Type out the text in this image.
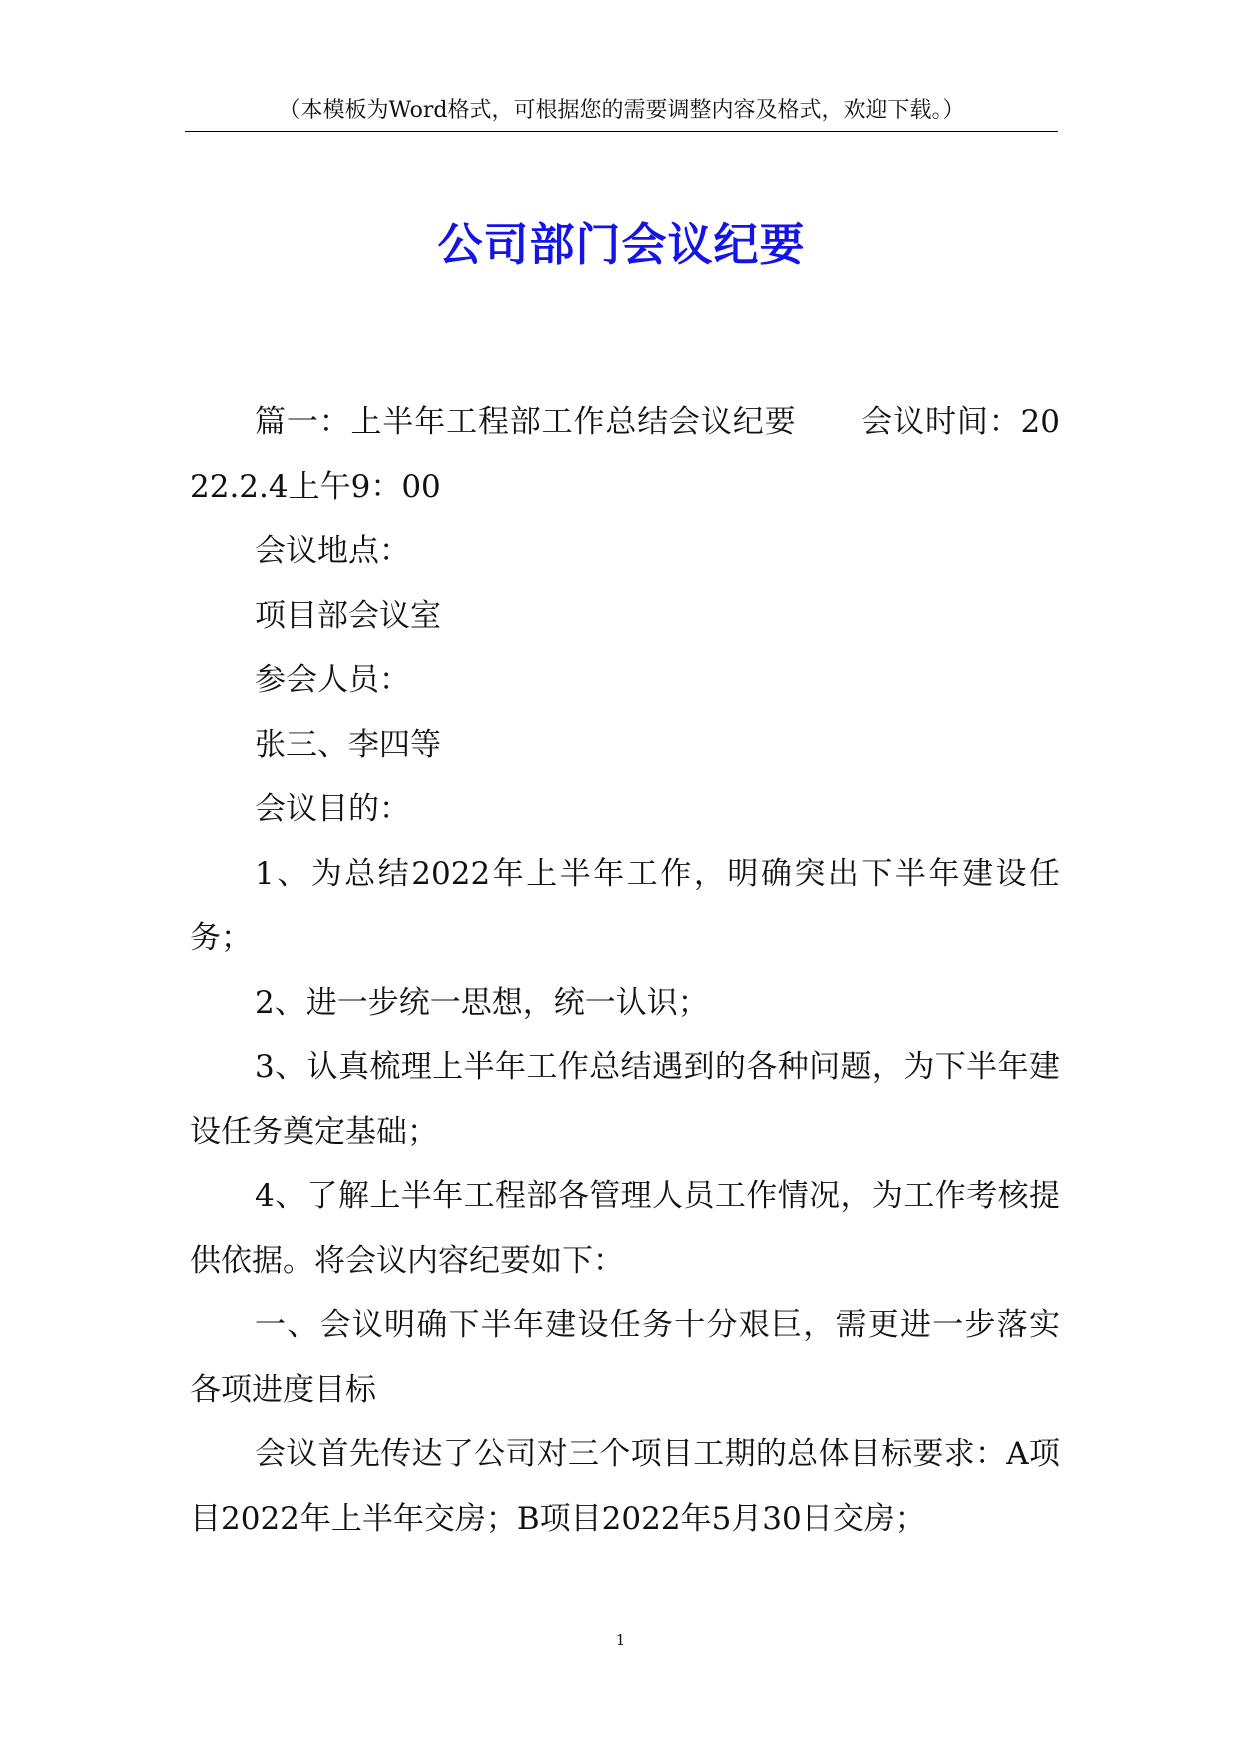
（本模板为Word格式，可根据您的需要调整内容及格式，欢迎下载。）
公司部门会议纪要

篇一：上半年工程部工作总结会议纪要 会议时间：2022.2.4上午9：00

会议地点：

项目部会议室

参会人员：

张三、李四等

会议目的：

1、为总结2022年上半年工作，明确突出下半年建设任务；

2、进一步统一思想，统一认识；

3、认真梳理上半年工作总结遇到的各种问题，为下半年建设任务奠定基础；

4、了解上半年工程部各管理人员工作情况，为工作考核提供依据。将会议内容纪要如下：

一、会议明确下半年建设任务十分艰巨，需更进一步落实各项进度目标

会议首先传达了公司对三个项目工期的总体目标要求：A项目2022年上半年交房；B项目2022年5月30日交房；

1
